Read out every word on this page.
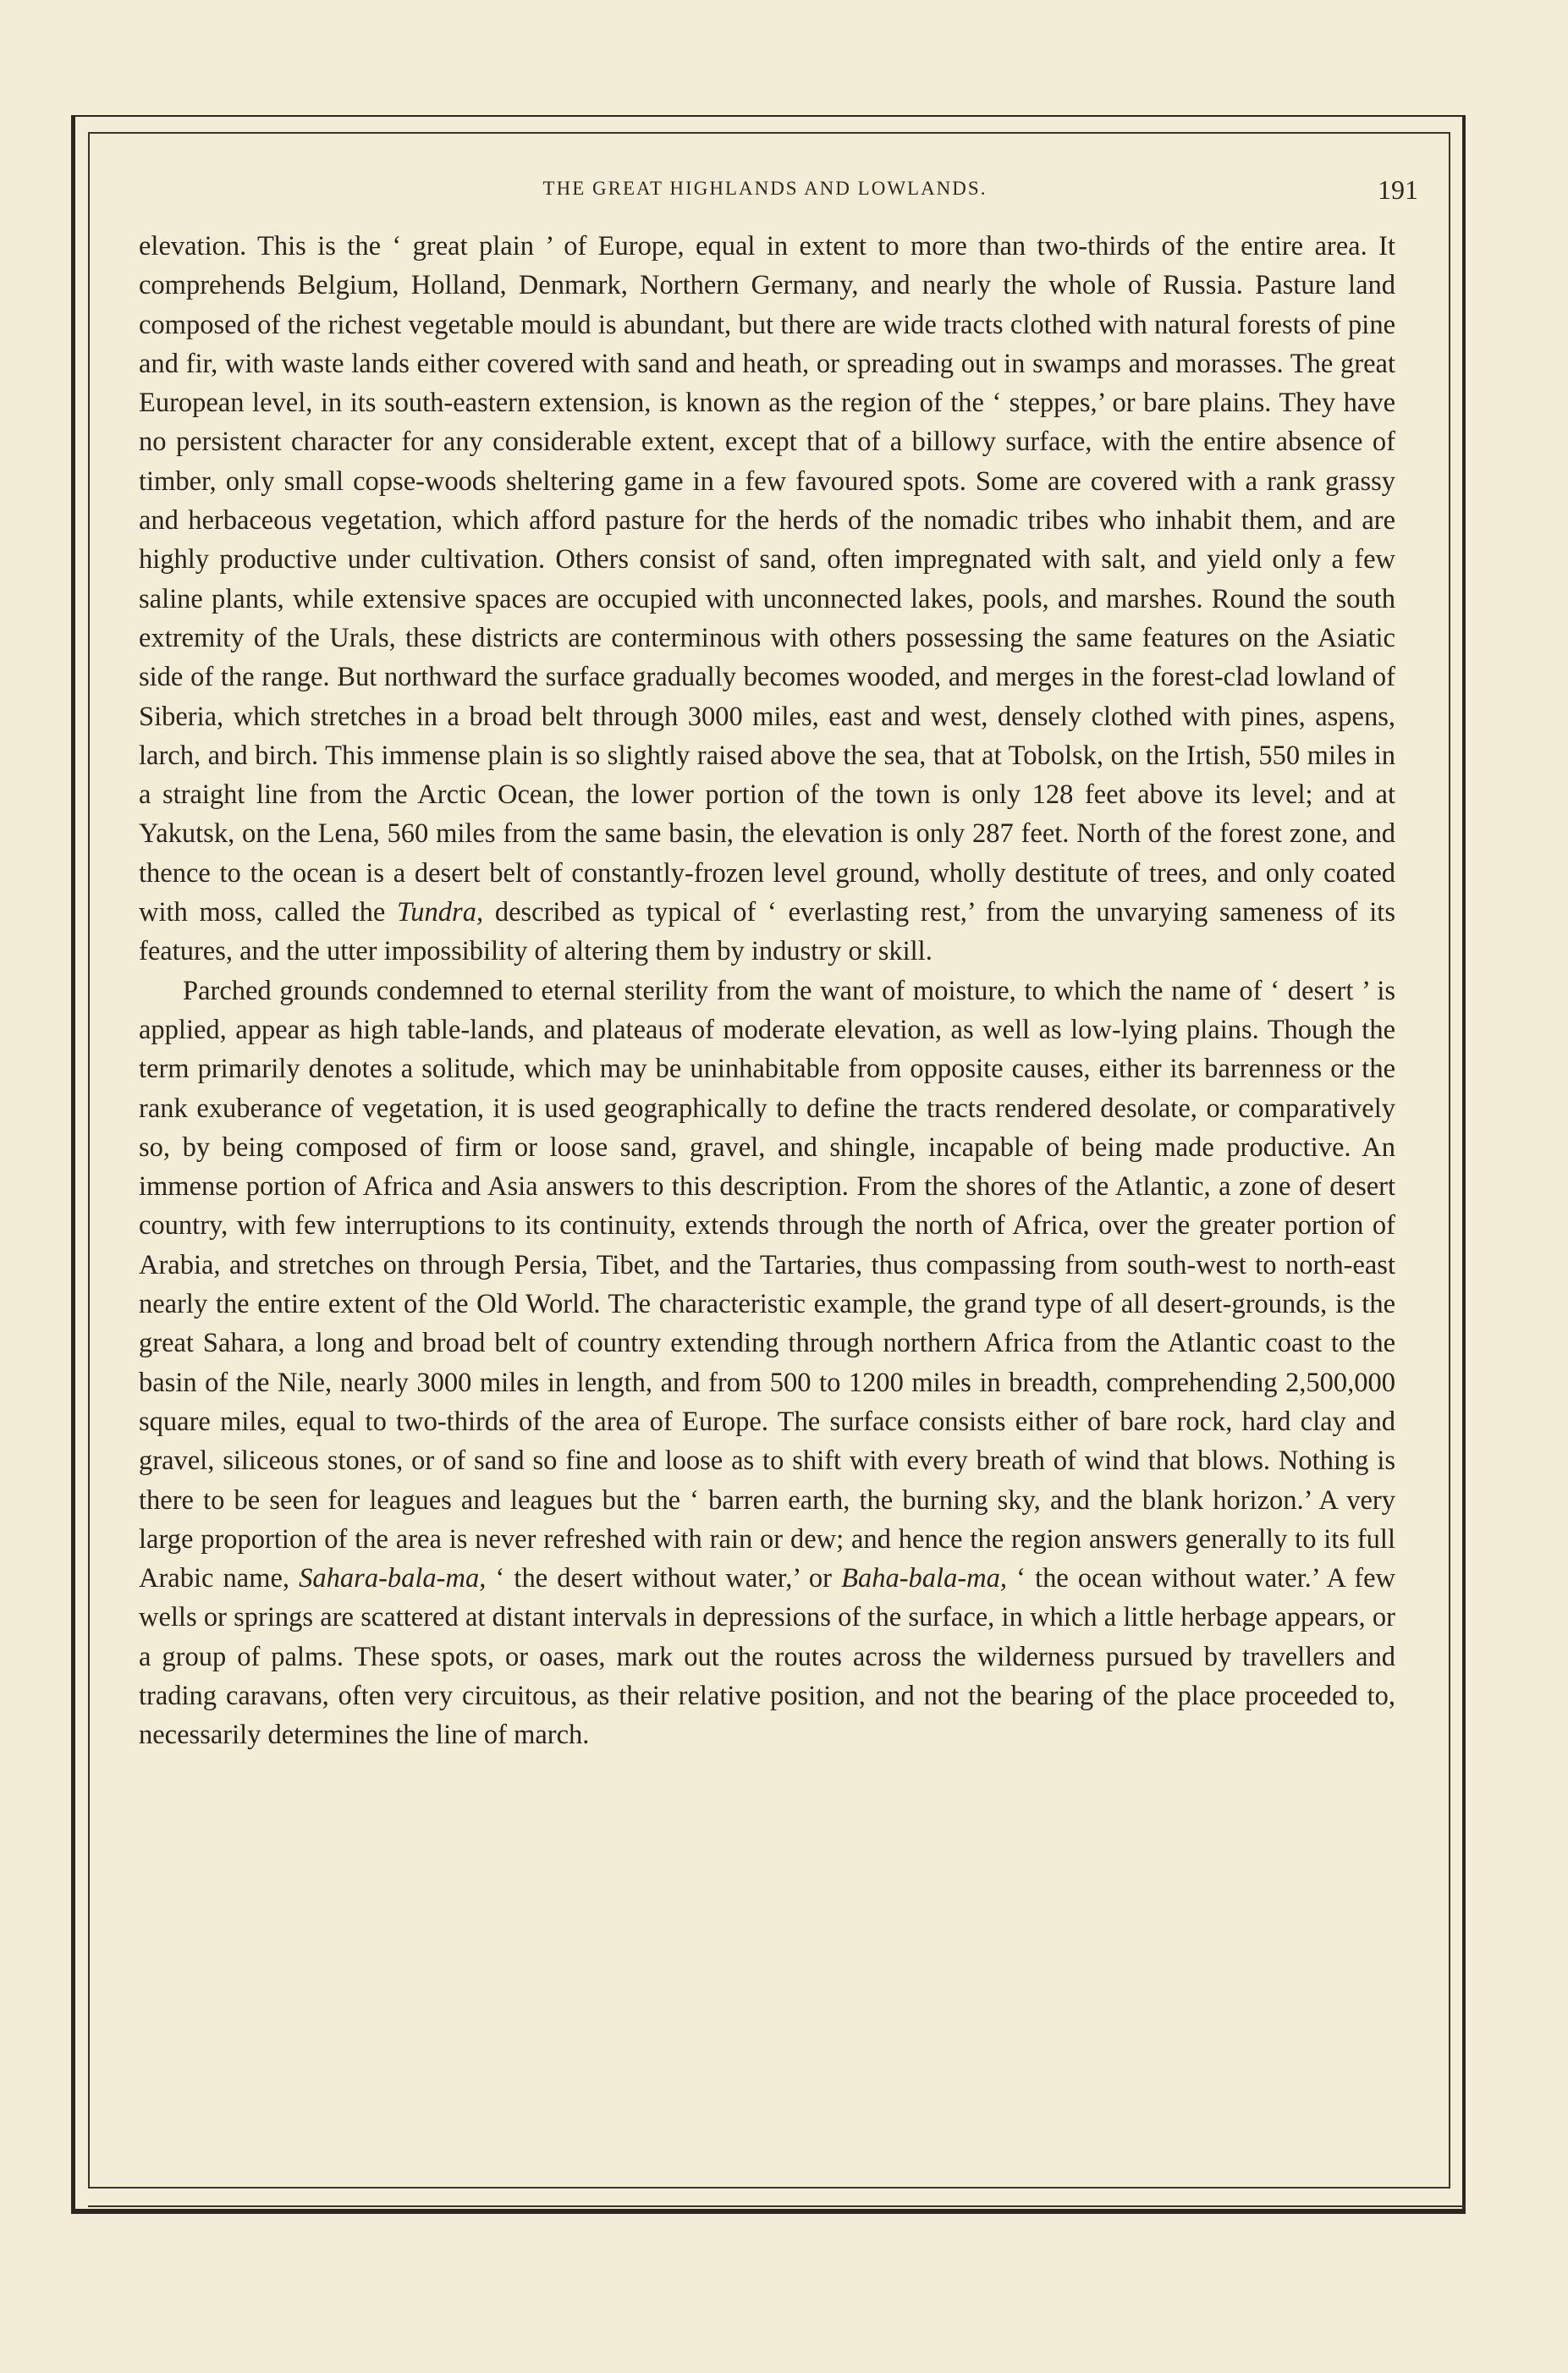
THE GREAT HIGHLANDS AND LOWLANDS.	191

elevation. This is the ‘ great plain ’ of Europe, equal in extent to more than two-thirds of the entire area. It comprehends Belgium, Holland, Denmark, Northern Germany, and nearly the whole of Russia. Pasture land composed of the richest vegetable mould is abundant, but there are wide tracts clothed with natural forests of pine and fir, with waste lands either covered with sand and heath, or spreading out in swamps and morasses. The great European level, in its south-eastern extension, is known as the region of the ‘ steppes,’ or bare plains. They have no persistent character for any considerable extent, except that of a billowy surface, with the entire absence of timber, only small copse-woods sheltering game in a few favoured spots. Some are covered with a rank grassy and herbaceous vegetation, which afford pasture for the herds of the nomadic tribes who inhabit them, and are highly productive under cultivation. Others consist of sand, often impregnated with salt, and yield only a few saline plants, while extensive spaces are occupied with unconnected lakes, pools, and marshes. Round the south extremity of the Urals, these districts are conterminous with others possessing the same features on the Asiatic side of the range. But northward the surface gradually becomes wooded, and merges in the forest-clad lowland of Siberia, which stretches in a broad belt through 3000 miles, east and west, densely clothed with pines, aspens, larch, and birch. This immense plain is so slightly raised above the sea, that at Tobolsk, on the Irtish, 550 miles in a straight line from the Arctic Ocean, the lower portion of the town is only 128 feet above its level; and at Yakutsk, on the Lena, 560 miles from the same basin, the elevation is only 287 feet. North of the forest zone, and thence to the ocean is a desert belt of constantly-frozen level ground, wholly destitute of trees, and only coated with moss, called the Tundra, described as typical of ‘ everlasting rest,’ from the unvarying sameness of its features, and the utter impossibility of altering them by industry or skill.

Parched grounds condemned to eternal sterility from the want of moisture, to which the name of ‘ desert ’ is applied, appear as high table-lands, and plateaus of moderate elevation, as well as low-lying plains. Though the term primarily denotes a solitude, which may be uninhabitable from opposite causes, either its barrenness or the rank exuberance of vegetation, it is used geographically to define the tracts rendered desolate, or comparatively so, by being composed of firm or loose sand, gravel, and shingle, incapable of being made productive. An immense portion of Africa and Asia answers to this description. From the shores of the Atlantic, a zone of desert country, with few interruptions to its continuity, extends through the north of Africa, over the greater portion of Arabia, and stretches on through Persia, Tibet, and the Tartaries, thus compassing from south-west to north-east nearly the entire extent of the Old World. The characteristic example, the grand type of all desert-grounds, is the great Sahara, a long and broad belt of country extending through northern Africa from the Atlantic coast to the basin of the Nile, nearly 3000 miles in length, and from 500 to 1200 miles in breadth, comprehending 2,500,000 square miles, equal to two-thirds of the area of Europe. The surface consists either of bare rock, hard clay and gravel, siliceous stones, or of sand so fine and loose as to shift with every breath of wind that blows. Nothing is there to be seen for leagues and leagues but the ‘ barren earth, the burning sky, and the blank horizon.’ A very large proportion of the area is never refreshed with rain or dew; and hence the region answers generally to its full Arabic name, Sahara-bala-ma, ‘ the desert without water,’ or Baha-bala-ma, ‘ the ocean without water.’ A few wells or springs are scattered at distant intervals in depressions of the surface, in which a little herbage appears, or a group of palms. These spots, or oases, mark out the routes across the wilderness pursued by travellers and trading caravans, often very circuitous, as their relative position, and not the bearing of the place proceeded to, necessarily determines the line of march.
